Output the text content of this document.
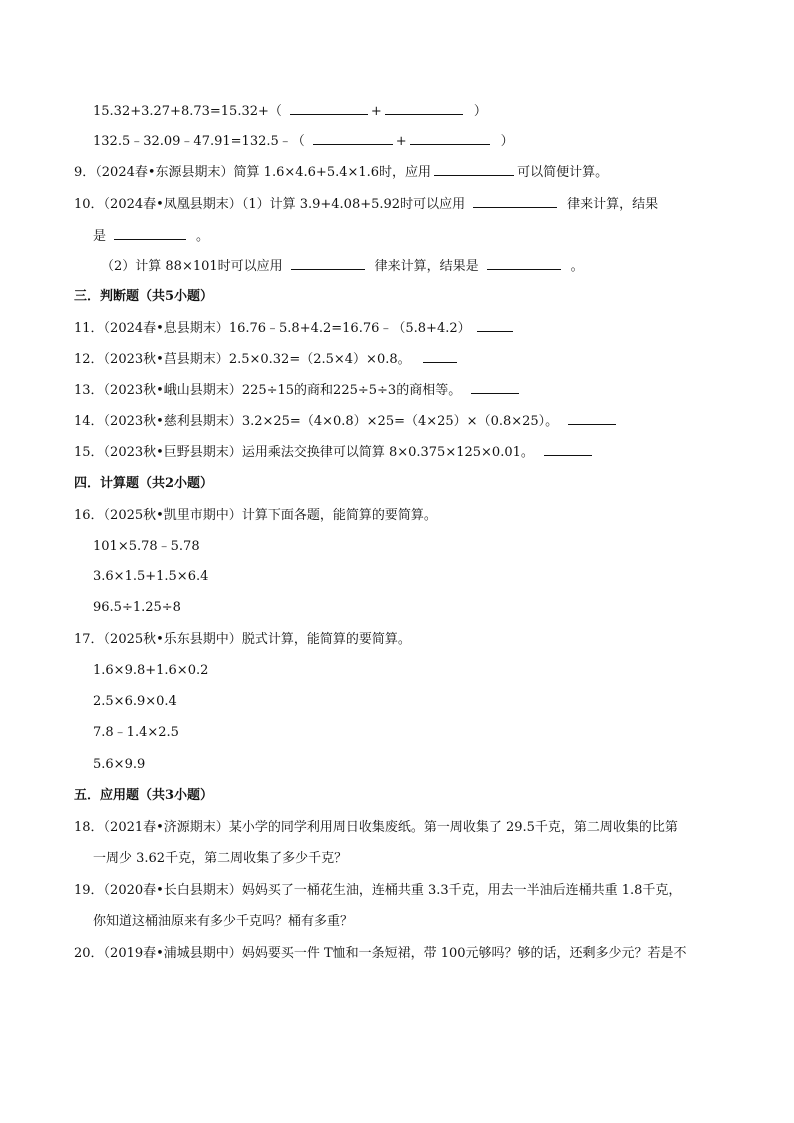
15.32+3.27+8.73=15.32+（	+	）
132.5﹣32.09﹣47.91=132.5﹣（	+	）
9．（2024春•东源县期末）简算 1.6×4.6+5.4×1.6时，应用	可以简便计算。
10．（2024春•凤凰县期末）（1）计算 3.9+4.08+5.92时可以应用	律来计算，结果
是	。
（2）计算 88×101时可以应用	律来计算，结果是	。
三．判断题（共5小题）
11．（2024春•息县期末）16.76﹣5.8+4.2=16.76﹣（5.8+4.2）
12．（2023秋•莒县期末）2.5×0.32=（2.5×4）×0.8。
13．（2023秋•峨山县期末）225÷15的商和225÷5÷3的商相等。
14．（2023秋•慈利县期末）3.2×25=（4×0.8）×25=（4×25）×（0.8×25）。
15．（2023秋•巨野县期末）运用乘法交换律可以简算 8×0.375×125×0.01。
四．计算题（共2小题）
16．（2025秋•凯里市期中）计算下面各题，能简算的要简算。
101×5.78﹣5.78
3.6×1.5+1.5×6.4
96.5÷1.25÷8
17．（2025秋•乐东县期中）脱式计算，能简算的要简算。
1.6×9.8+1.6×0.2
2.5×6.9×0.4
7.8﹣1.4×2.5
5.6×9.9
五．应用题（共3小题）
18．（2021春•济源期末）某小学的同学利用周日收集废纸。第一周收集了 29.5千克，第二周收集的比第
一周少 3.62千克，第二周收集了多少千克？
19．（2020春•长白县期末）妈妈买了一桶花生油，连桶共重 3.3千克，用去一半油后连桶共重 1.8千克，
你知道这桶油原来有多少千克吗？桶有多重？
20．（2019春•浦城县期中）妈妈要买一件 T恤和一条短裙，带 100元够吗？够的话，还剩多少元？若是不
